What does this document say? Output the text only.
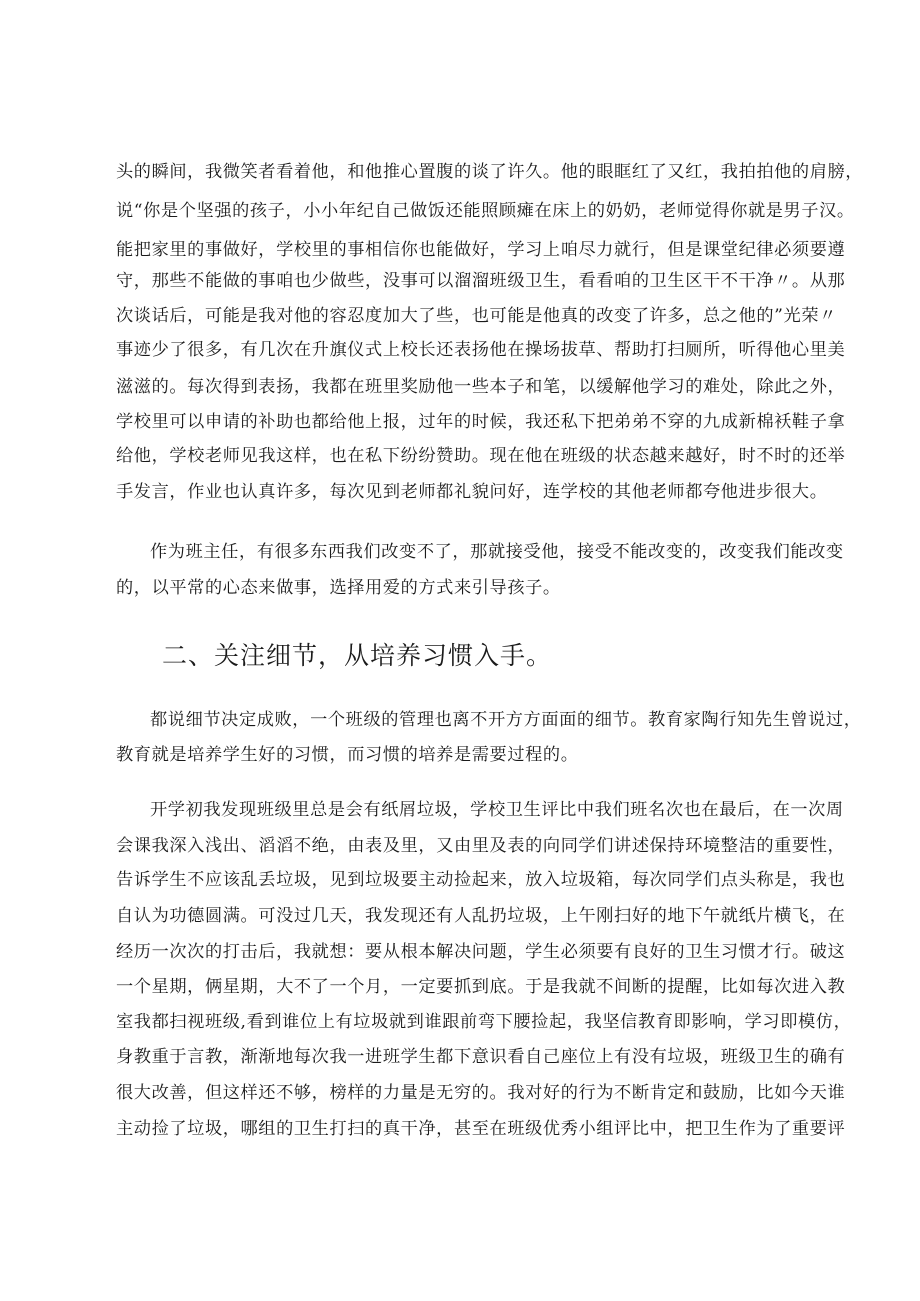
头的瞬间，我微笑者看着他，和他推心置腹的谈了许久。他的眼眶红了又红，我拍拍他的肩膀，
说“你是个坚强的孩子，小小年纪自己做饭还能照顾瘫在床上的奶奶，老师觉得你就是男子汉。
能把家里的事做好，学校里的事相信你也能做好，学习上咱尽力就行，但是课堂纪律必须要遵
守，那些不能做的事咱也少做些，没事可以溜溜班级卫生，看看咱的卫生区干不干净〃。从那
次谈话后，可能是我对他的容忍度加大了些，也可能是他真的改变了许多，总之他的”光荣〃
事迹少了很多，有几次在升旗仪式上校长还表扬他在操场拔草、帮助打扫厕所，听得他心里美
滋滋的。每次得到表扬，我都在班里奖励他一些本子和笔，以缓解他学习的难处，除此之外，
学校里可以申请的补助也都给他上报，过年的时候，我还私下把弟弟不穿的九成新棉袄鞋子拿
给他，学校老师见我这样，也在私下纷纷赞助。现在他在班级的状态越来越好，时不时的还举
手发言，作业也认真许多，每次见到老师都礼貌问好，连学校的其他老师都夸他进步很大。
作为班主任，有很多东西我们改变不了，那就接受他，接受不能改变的，改变我们能改变
的，以平常的心态来做事，选择用爱的方式来引导孩子。
二、关注细节，从培养习惯入手。
都说细节决定成败，一个班级的管理也离不开方方面面的细节。教育家陶行知先生曾说过，
教育就是培养学生好的习惯，而习惯的培养是需要过程的。
开学初我发现班级里总是会有纸屑垃圾，学校卫生评比中我们班名次也在最后，在一次周
会课我深入浅出、滔滔不绝，由表及里，又由里及表的向同学们讲述保持环境整洁的重要性，
告诉学生不应该乱丢垃圾，见到垃圾要主动捡起来，放入垃圾箱，每次同学们点头称是，我也
自认为功德圆满。可没过几天，我发现还有人乱扔垃圾，上午刚扫好的地下午就纸片横飞，在
经历一次次的打击后，我就想：要从根本解决问题，学生必须要有良好的卫生习惯才行。破这
一个星期，俩星期，大不了一个月，一定要抓到底。于是我就不间断的提醒，比如每次进入教
室我都扫视班级,看到谁位上有垃圾就到谁跟前弯下腰捡起，我坚信教育即影响，学习即模仿，
身教重于言教，渐渐地每次我一进班学生都下意识看自己座位上有没有垃圾，班级卫生的确有
很大改善，但这样还不够，榜样的力量是无穷的。我对好的行为不断肯定和鼓励，比如今天谁
主动捡了垃圾，哪组的卫生打扫的真干净，甚至在班级优秀小组评比中，把卫生作为了重要评
